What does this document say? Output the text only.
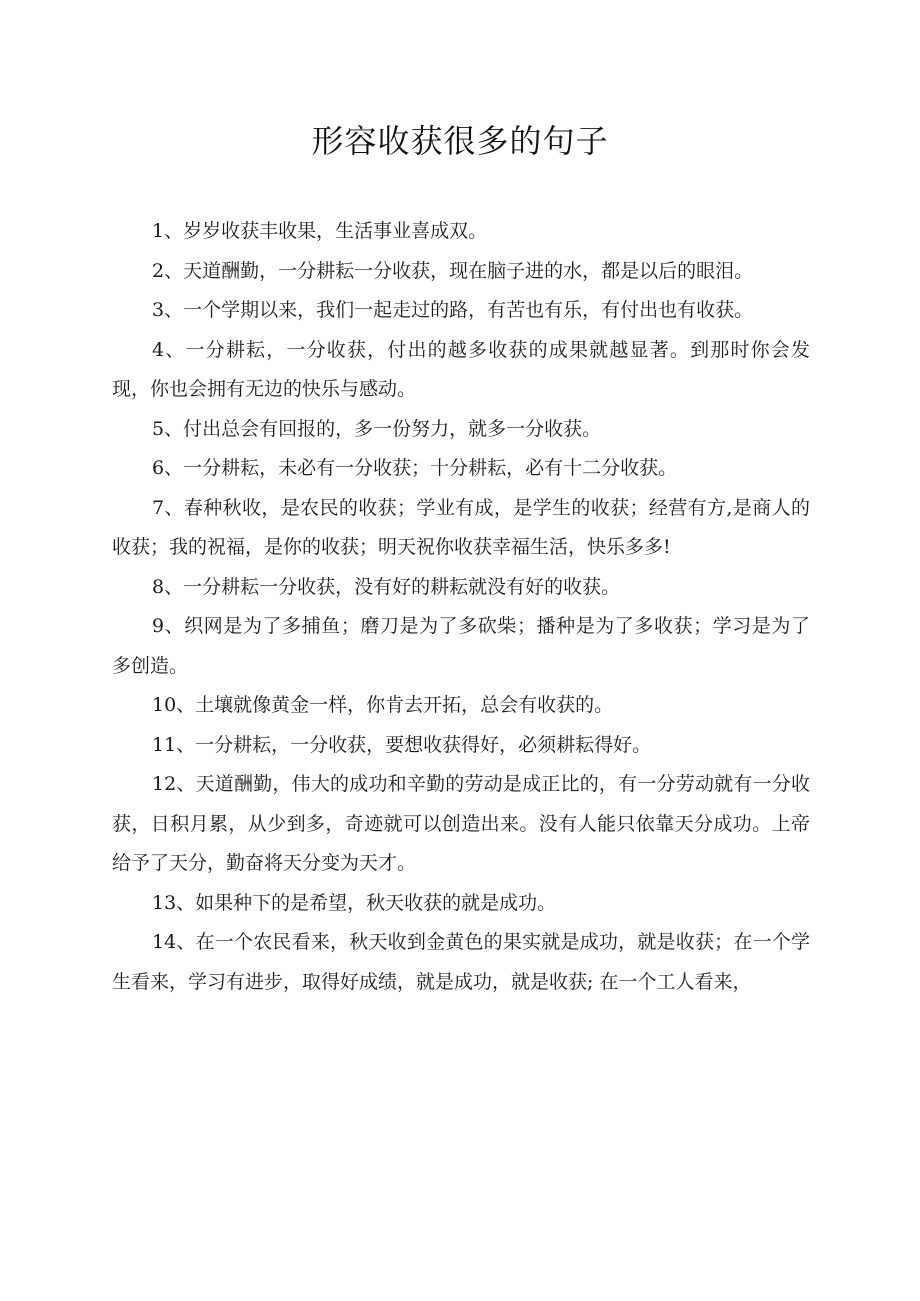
形容收获很多的句子

1、岁岁收获丰收果，生活事业喜成双。

2、天道酬勤，一分耕耘一分收获，现在脑子进的水，都是以后的眼泪。

3、一个学期以来，我们一起走过的路，有苦也有乐，有付出也有收获。

4、一分耕耘，一分收获，付出的越多收获的成果就越显著。到那时你会发现，你也会拥有无边的快乐与感动。

5、付出总会有回报的，多一份努力，就多一分收获。

6、一分耕耘，未必有一分收获；十分耕耘，必有十二分收获。

7、春种秋收，是农民的收获；学业有成，是学生的收获；经营有方,是商人的收获；我的祝福，是你的收获；明天祝你收获幸福生活，快乐多多!

8、一分耕耘一分收获，没有好的耕耘就没有好的收获。

9、织网是为了多捕鱼；磨刀是为了多砍柴；播种是为了多收获；学习是为了多创造。

10、土壤就像黄金一样，你肯去开拓，总会有收获的。

11、一分耕耘，一分收获，要想收获得好，必须耕耘得好。

12、天道酬勤，伟大的成功和辛勤的劳动是成正比的，有一分劳动就有一分收获，日积月累，从少到多，奇迹就可以创造出来。没有人能只依靠天分成功。上帝给予了天分，勤奋将天分变为天才。

13、如果种下的是希望，秋天收获的就是成功。

14、在一个农民看来，秋天收到金黄色的果实就是成功，就是收获；在一个学生看来，学习有进步，取得好成绩，就是成功，就是收获; 在一个工人看来，
